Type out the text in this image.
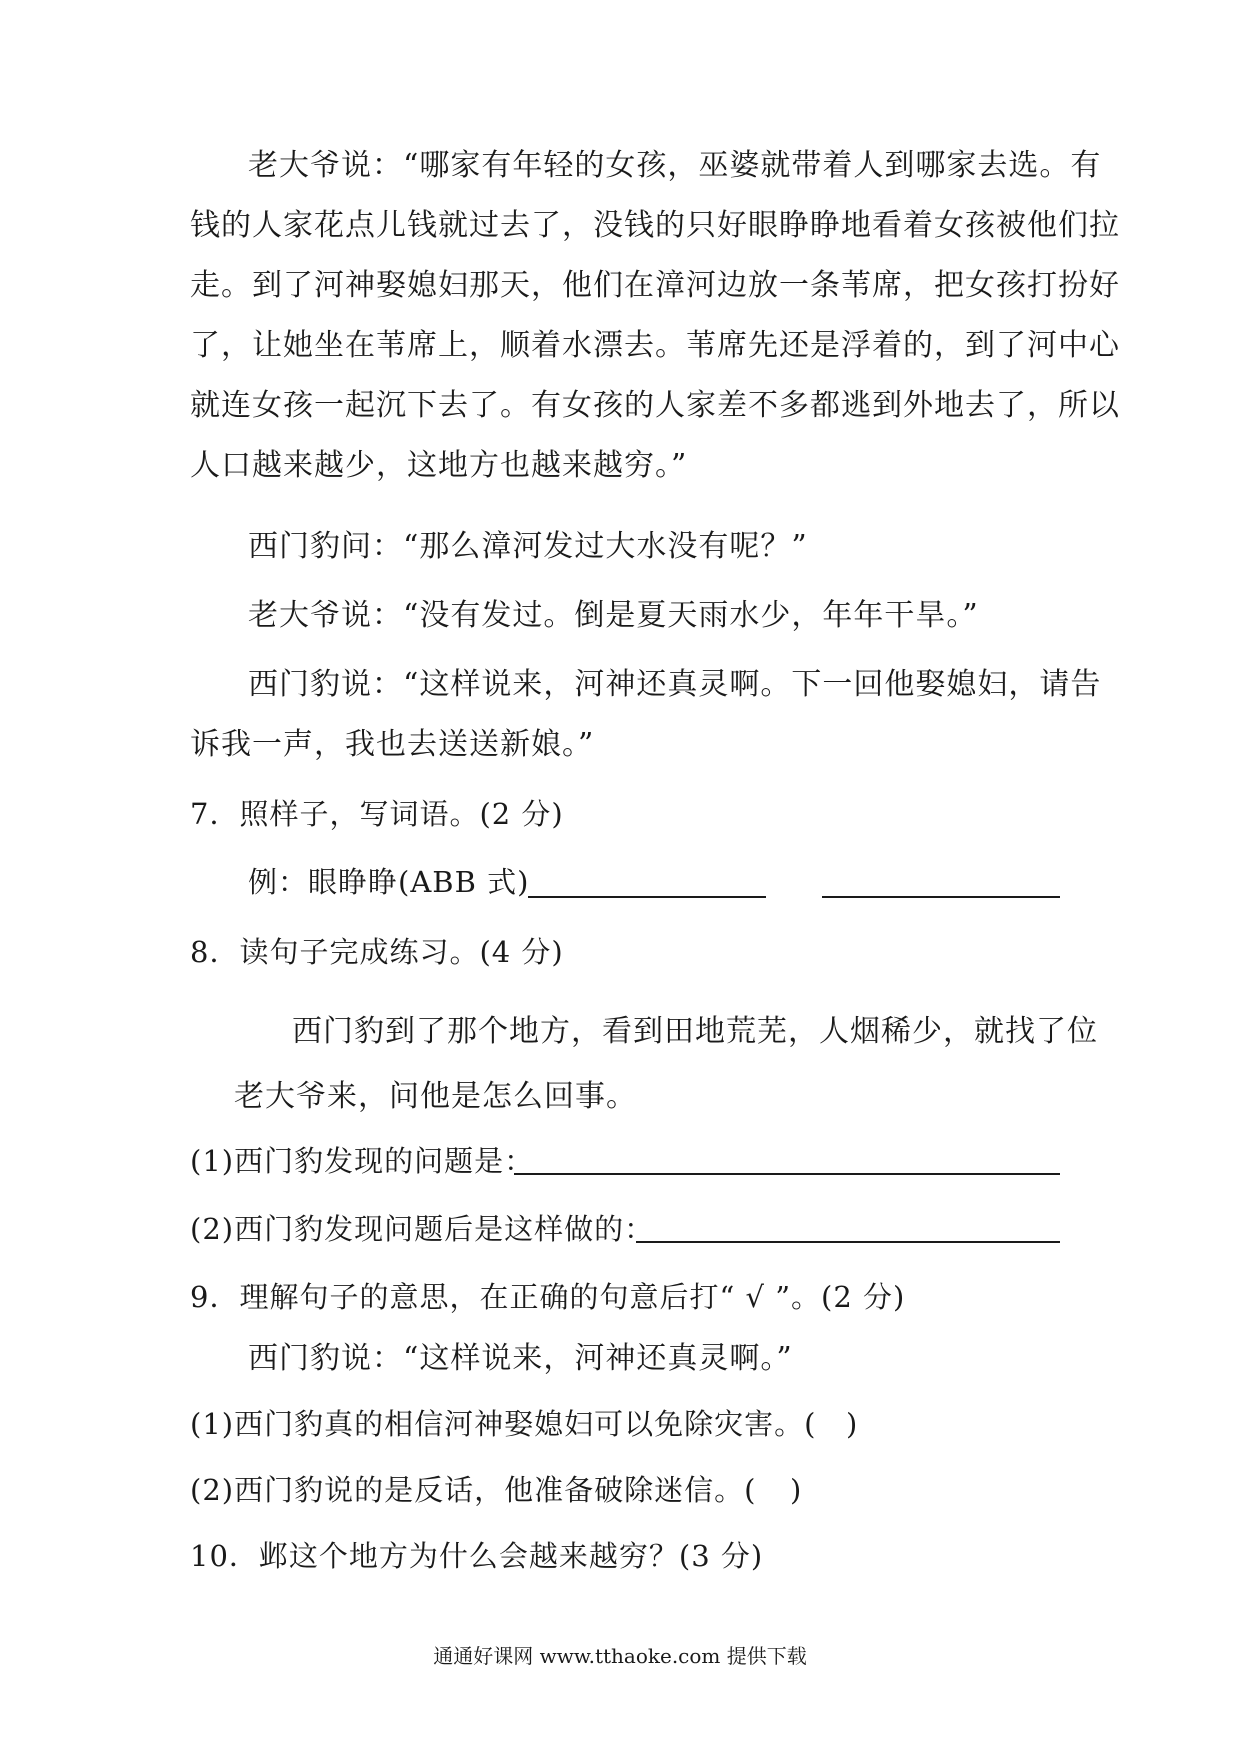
老大爷说：“哪家有年轻的女孩，巫婆就带着人到哪家去选。有
钱的人家花点儿钱就过去了，没钱的只好眼睁睁地看着女孩被他们拉
走。到了河神娶媳妇那天，他们在漳河边放一条苇席，把女孩打扮好
了，让她坐在苇席上，顺着水漂去。苇席先还是浮着的，到了河中心
就连女孩一起沉下去了。有女孩的人家差不多都逃到外地去了，所以
人口越来越少，这地方也越来越穷。”
西门豹问：“那么漳河发过大水没有呢？”
老大爷说：“没有发过。倒是夏天雨水少，年年干旱。”
西门豹说：“这样说来，河神还真灵啊。下一回他娶媳妇，请告
诉我一声，我也去送送新娘。”
7．照样子，写词语。(2 分)
例：眼睁睁(ABB 式)
8．读句子完成练习。(4 分)
西门豹到了那个地方，看到田地荒芜，人烟稀少，就找了位
老大爷来，问他是怎么回事。
(1)西门豹发现的问题是：
(2)西门豹发现问题后是这样做的：
9．理解句子的意思，在正确的句意后打“ √ ”。(2 分)
西门豹说：“这样说来，河神还真灵啊。”
(1)西门豹真的相信河神娶媳妇可以免除灾害。( )
(2)西门豹说的是反话，他准备破除迷信。( )
10．邺这个地方为什么会越来越穷？(3 分)
通通好课网 www.tthaoke.com 提供下载
